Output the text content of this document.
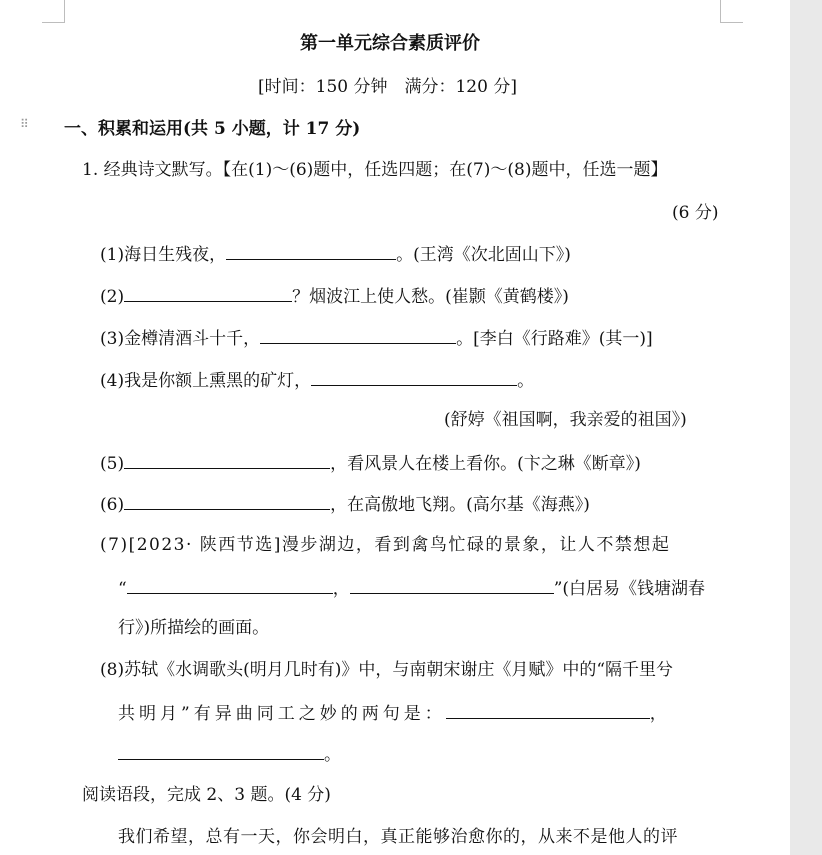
第一单元综合素质评价
[时间：150 分钟　满分：120 分]
⠿ 一、积累和运用(共 5 小题，计 17 分)
1. 经典诗文默写。【在(1)～(6)题中，任选四题；在(7)～(8)题中，任选一题】
(6 分)
(1)海日生残夜，	。(王湾《次北固山下》)
(2)	？烟波江上使人愁。(崔颢《黄鹤楼》)
(3)金樽清酒斗十千，	。[李白《行路难》(其一)]
(4)我是你额上熏黑的矿灯，	。
(舒婷《祖国啊，我亲爱的祖国》)
(5)	，看风景人在楼上看你。(卞之琳《断章》)
(6)	，在高傲地飞翔。(高尔基《海燕》)
(7)[2023· 陕西节选]漫步湖边，看到禽鸟忙碌的景象，让人不禁想起
“	，	”(白居易《钱塘湖春
行》)所描绘的画面。
(8)苏轼《水调歌头(明月几时有)》中，与南朝宋谢庄《月赋》中的“隔千里兮
共明月”有异曲同工之妙的两句是：	，
。
阅读语段，完成 2、3 题。(4 分)
我们希望，总有一天，你会明白，真正能够治愈你的，从来不是他人的评
